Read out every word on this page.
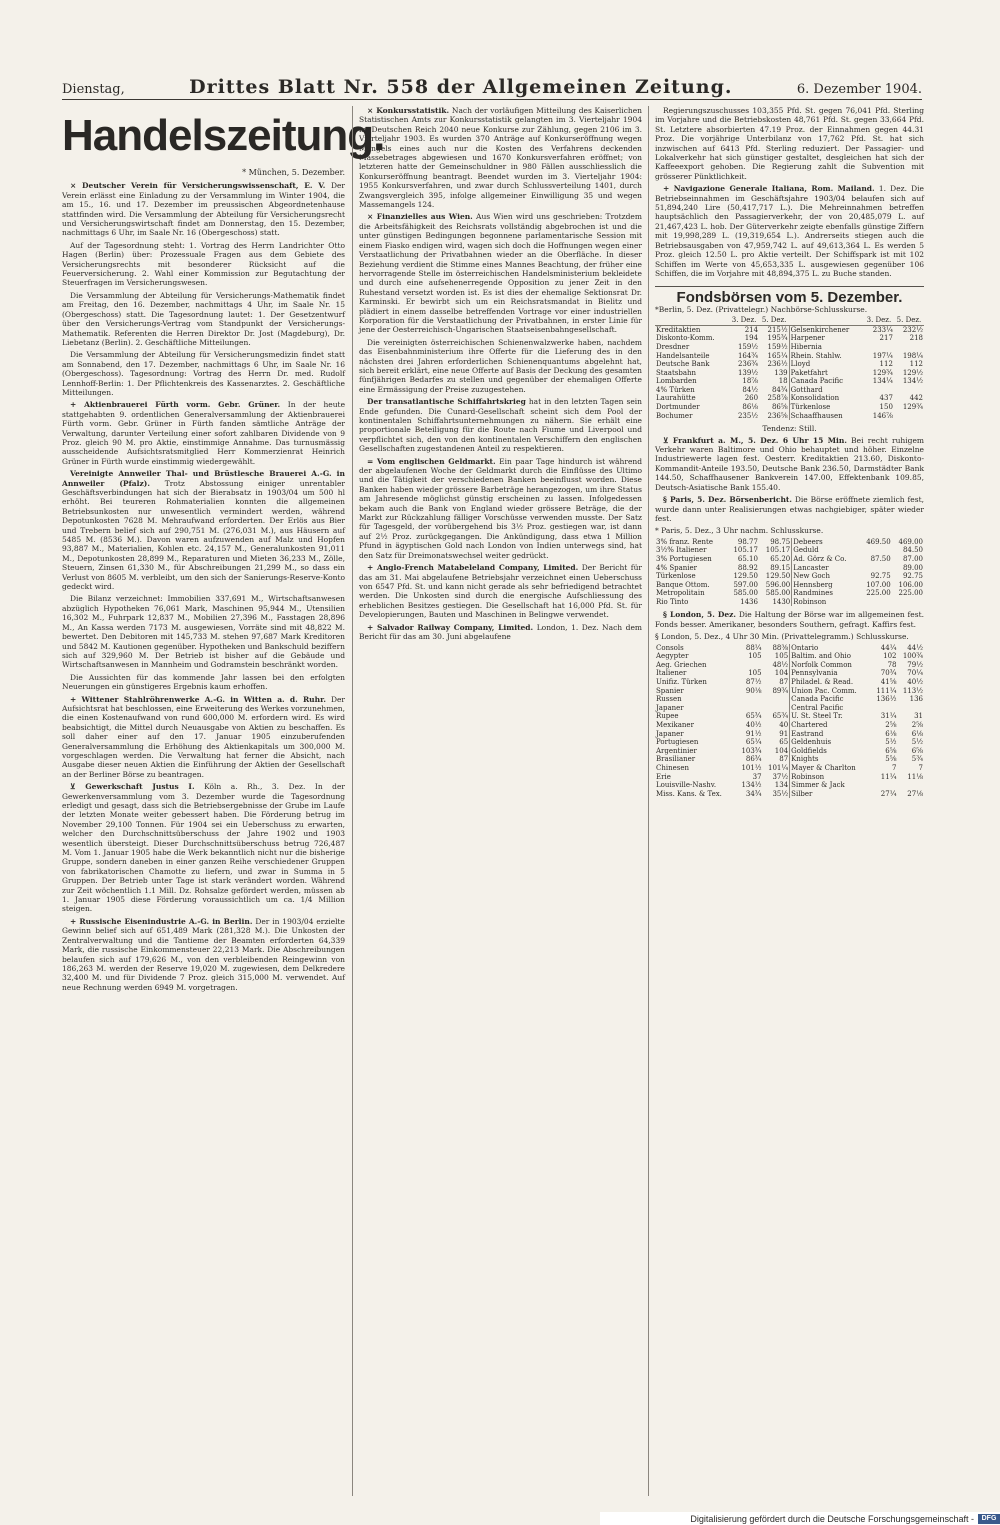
Dienstag,	Drittes Blatt Nr. 558 der Allgemeinen Zeitung.	6. Dezember 1904.
Handelszeitung.
* München, 5. Dezember.
× Deutscher Verein für Versicherungswissenschaft, E. V. Der Verein erlässt eine Einladung zu der Versammlung im Winter 1904, die am 15., 16. und 17. Dezember im preussischen Abgeordnetenhause stattfinden wird. Die Versammlung der Abteilung für Versicherungsrecht und Versicherungswirtschaft findet am Donnerstag, den 15. Dezember, nachmittags 6 Uhr, im Saale Nr. 16 (Obergeschoss) statt.
Auf der Tagesordnung steht: 1. Vortrag des Herrn Landrichter Otto Hagen (Berlin) über: Prozessuale Fragen aus dem Gebiete des Versicherungsrechts mit besonderer Rücksicht auf die Feuerversicherung. 2. Wahl einer Kommission zur Begutachtung der Steuerfragen im Versicherungswesen.
Die Versammlung der Abteilung für Versicherungs-Mathematik findet am Freitag, den 16. Dezember, nachmittags 4 Uhr, im Saale Nr. 15 (Obergeschoss) statt. Die Tagesordnung lautet: 1. Der Gesetzentwurf über den Versicherungs-Vertrag vom Standpunkt der Versicherungs-Mathematik. Referenten die Herren Direktor Dr. Jost (Magdeburg), Dr. Liebetanz (Berlin). 2. Geschäftliche Mitteilungen.
Die Versammlung der Abteilung für Versicherungsmedizin findet statt am Sonnabend, den 17. Dezember, nachmittags 6 Uhr, im Saale Nr. 16 (Obergeschoss). Tagesordnung: Vortrag des Herrn Dr. med. Rudolf Lennhoff-Berlin: 1. Der Pflichtenkreis des Kassenarztes. 2. Geschäftliche Mitteilungen.
+ Aktienbrauerei Fürth vorm. Gebr. Grüner. In der heute stattgehabten 9. ordentlichen Generalversammlung der Aktienbrauerei Fürth vorm. Gebr. Grüner in Fürth fanden sämtliche Anträge der Verwaltung, darunter Verteilung einer sofort zahlbaren Dividende von 9 Proz. gleich 90 M. pro Aktie, einstimmige Annahme. Das turnusmässig ausscheidende Aufsichtsratsmitglied Herr Kommerzienrat Heinrich Grüner in Fürth wurde einstimmig wiedergewählt.
Vereinigte Annweiler Thal- und Brüstlesche Brauerei A.-G. in Annweiler (Pfalz). Trotz Abstossung einiger unrentabler Geschäftsverbindungen hat sich der Bierabsatz in 1903/04 um 500 hl erhöht. Bei teureren Rohmaterialien konnten die allgemeinen Betriebsunkosten nur unwesentlich vermindert werden, während Depotunkosten 7628 M. Mehraufwand erforderten. Der Erlös aus Bier und Trebern belief sich auf 290,751 M. (276,031 M.), aus Häusern auf 5485 M. (8536 M.). Davon waren aufzuwenden auf Malz und Hopfen 93,887 M., Materialien, Kohlen etc. 24,157 M., Generalunkosten 91,011 M., Depotunkosten 28,899 M., Reparaturen und Mieten 36,233 M., Zölle, Steuern, Zinsen 61,330 M., für Abschreibungen 21,299 M., so dass ein Verlust von 8605 M. verbleibt, um den sich der Sanierungs-Reserve-Konto gedeckt wird.
Die Bilanz verzeichnet: Immobilien 337,691 M., Wirtschaftsanwesen abzüglich Hypotheken 76,061 Mark, Maschinen 95,944 M., Utensilien 16,302 M., Fuhrpark 12,837 M., Mobilien 27,396 M., Fasstagen 28,896 M., An Kassa werden 7173 M. ausgewiesen, Vorräte sind mit 48,822 M. bewertet. Den Debitoren mit 145,733 M. stehen 97,687 Mark Kreditoren und 5842 M. Kautionen gegenüber. Hypotheken und Bankschuld beziffern sich auf 329,960 M. Der Betrieb ist bisher auf die Gebäude und Wirtschaftsanwesen in Mannheim und Godramstein beschränkt worden.
Die Aussichten für das kommende Jahr lassen bei den erfolgten Neuerungen ein günstigeres Ergebnis kaum erhoffen.
+ Wittener Stahlröhrenwerke A.-G. in Witten a. d. Ruhr. Der Aufsichtsrat hat beschlossen, eine Erweiterung des Werkes vorzunehmen, die einen Kostenaufwand von rund 600,000 M. erfordern wird. Es wird beabsichtigt, die Mittel durch Neuausgabe von Aktien zu beschaffen. Es soll daher einer auf den 17. Januar 1905 einzuberufenden Generalversammlung die Erhöhung des Aktienkapitals um 300,000 M. vorgeschlagen werden. Die Verwaltung hat ferner die Absicht, nach Ausgabe dieser neuen Aktien die Einführung der Aktien der Gesellschaft an der Berliner Börse zu beantragen.
⊻ Gewerkschaft Justus I. Köln a. Rh., 3. Dez. In der Gewerkenversammlung vom 3. Dezember wurde die Tagesordnung erledigt und gesagt, dass sich die Betriebsergebnisse der Grube im Laufe der letzten Monate weiter gebessert haben. Die Förderung betrug im November 29,100 Tonnen. Für 1904 sei ein Ueberschuss zu erwarten, welcher den Durchschnittsüberschuss der Jahre 1902 und 1903 wesentlich übersteigt. Dieser Durchschnittsüberschuss betrug 726,487 M. Vom 1. Januar 1905 habe die Werk bekanntlich nicht nur die bisherige Gruppe, sondern daneben in einer ganzen Reihe verschiedener Gruppen von fabrikatorischen Chamotte zu liefern, und zwar in Summa in 5 Gruppen. Der Betrieb unter Tage ist stark verändert worden. Während zur Zeit wöchentlich 1.1 Mill. Dz. Rohsalze gefördert werden, müssen ab 1. Januar 1905 diese Förderung voraussichtlich um ca. 1/4 Million steigen.
+ Russische Eisenindustrie A.-G. in Berlin. Der in 1903/04 erzielte Gewinn belief sich auf 651,489 Mark (281,328 M.). Die Unkosten der Zentralverwaltung und die Tantieme der Beamten erforderten 64,339 Mark, die russische Einkommensteuer 22,213 Mark. Die Abschreibungen belaufen sich auf 179,626 M., von den verbleibenden Reingewinn von 186,263 M. werden der Reserve 19,020 M. zugewiesen, dem Delkredere 32,400 M. und für Dividende 7 Proz. gleich 315,000 M. verwendet. Auf neue Rechnung werden 6949 M. vorgetragen.
× Konkursstatistik. Nach der vorläufigen Mitteilung des Kaiserlichen Statistischen Amts zur Konkursstatistik gelangten im 3. Vierteljahr 1904 im Deutschen Reich 2040 neue Konkurse zur Zählung, gegen 2106 im 3. Vierteljahr 1903. Es wurden 370 Anträge auf Konkurseröffnung wegen Mangels eines auch nur die Kosten des Verfahrens deckenden Massebetrages abgewiesen und 1670 Konkursverfahren eröffnet; von letzteren hatte der Gemeinschuldner in 980 Fällen ausschliesslich die Konkurseröffnung beantragt. Beendet wurden im 3. Vierteljahr 1904: 1955 Konkursverfahren, und zwar durch Schlussverteilung 1401, durch Zwangsvergleich 395, infolge allgemeiner Einwilligung 35 und wegen Massemangels 124.
× Finanzielles aus Wien. Aus Wien wird uns geschrieben: Trotzdem die Arbeitsfähigkeit des Reichsrats vollständig abgebrochen ist und die unter günstigen Bedingungen begonnene parlamentarische Session mit einem Fiasko endigen wird, wagen sich doch die Hoffnungen wegen einer Verstaatlichung der Privatbahnen wieder an die Oberfläche. In dieser Beziehung verdient die Stimme eines Mannes Beachtung, der früher eine hervorragende Stelle im österreichischen Handelsministerium bekleidete und durch eine aufsehenerregende Opposition zu jener Zeit in den Ruhestand versetzt worden ist. Es ist dies der ehemalige Sektionsrat Dr. Karminski. Er bewirbt sich um ein Reichsratsmandat in Bielitz und plädiert in einem dasselbe betreffenden Vortrage vor einer industriellen Korporation für die Verstaatlichung der Privatbahnen, in erster Linie für jene der Oesterreichisch-Ungarischen Staatseisenbahngesellschaft.
Die vereinigten österreichischen Schienenwalzwerke haben, nachdem das Eisenbahnministerium ihre Offerte für die Lieferung des in den nächsten drei Jahren erforderlichen Schienenquantums abgelehnt hat, sich bereit erklärt, eine neue Offerte auf Basis der Deckung des gesamten fünfjährigen Bedarfes zu stellen und gegenüber der ehemaligen Offerte eine Ermässigung der Preise zuzugestehen.
Der transatlantische Schiffahrtskrieg hat in den letzten Tagen sein Ende gefunden. Die Cunard-Gesellschaft scheint sich dem Pool der kontinentalen Schiffahrtsunternehmungen zu nähern. Sie erhält eine proportionale Beteiligung für die Route nach Fiume und Liverpool und verpflichtet sich, den von den kontinentalen Verschiffern den englischen Gesellschaften zugestandenen Anteil zu respektieren.
= Vom englischen Geldmarkt. Ein paar Tage hindurch ist während der abgelaufenen Woche der Geldmarkt durch die Einflüsse des Ultimo und die Tätigkeit der verschiedenen Banken beeinflusst worden. Diese Banken haben wieder grössere Barbeträge herangezogen, um ihre Status am Jahresende möglichst günstig erscheinen zu lassen. Infolgedessen bekam auch die Bank von England wieder grössere Beträge, die der Markt zur Rückzahlung fälliger Vorschüsse verwenden musste. Der Satz für Tagesgeld, der vorübergehend bis 3½ Proz. gestiegen war, ist dann auf 2½ Proz. zurückgegangen. Die Ankündigung, dass etwa 1 Million Pfund in ägyptischen Gold nach London von Indien unterwegs sind, hat den Satz für Dreimonatswechsel weiter gedrückt.
+ Anglo-French Matabeleland Company, Limited. Der Bericht für das am 31. Mai abgelaufene Betriebsjahr verzeichnet einen Ueberschuss von 6547 Pfd. St. und kann nicht gerade als sehr befriedigend betrachtet werden. Die Unkosten sind durch die energische Aufschliessung des erheblichen Besitzes gestiegen. Die Gesellschaft hat 16,000 Pfd. St. für Developierungen, Bauten und Maschinen in Belingwe verwendet.
+ Salvador Railway Company, Limited. London, 1. Dez. Nach dem Bericht für das am 30. Juni abgelaufene
Regierungszuschusses 103,355 Pfd. St. gegen 76,041 Pfd. Sterling im Vorjahre und die Betriebskosten 48,761 Pfd. St. gegen 33,664 Pfd. St. Letztere absorbierten 47.19 Proz. der Einnahmen gegen 44.31 Proz. Die vorjährige Unterbilanz von 17,762 Pfd. St. hat sich inzwischen auf 6413 Pfd. Sterling reduziert. Der Passagier- und Lokalverkehr hat sich günstiger gestaltet, desgleichen hat sich der Kaffeeexport gehoben. Die Regierung zahlt die Subvention mit grösserer Pünktlichkeit.
+ Navigazione Generale Italiana, Rom. Mailand. 1. Dez. Die Betriebseinnahmen im Geschäftsjahre 1903/04 belaufen sich auf 51,894,240 Lire (50,417,717 L.). Die Mehreinnahmen betreffen hauptsächlich den Passagierverkehr, der von 20,485,079 L. auf 21,467,423 L. hob. Der Güterverkehr zeigte ebenfalls günstige Ziffern mit 19,998,289 L. (19,319,654 L.). Andrerseits stiegen auch die Betriebsausgaben von 47,959,742 L. auf 49,613,364 L. Es werden 5 Proz. gleich 12.50 L. pro Aktie verteilt. Der Schiffspark ist mit 102 Schiffen im Werte von 45,653,335 L. ausgewiesen gegenüber 106 Schiffen, die im Vorjahre mit 48,894,375 L. zu Buche standen.
Fondsbörsen vom 5. Dezember.
*Berlin, 5. Dez. (Privattelegr.) Nachbörse-Schlusskurse.
	3. Dez.	5. Dez.		3. Dez.	5. Dez.
Kreditaktien	214	215½	Gelsenkirchener	233¼	232½
Diskonto-Komm.	194	195¾	Harpener	217	218
Dresdner	159½	159½	Hibernia		
Handelsanteile	164¾	165¼	Rhein. Stahlw.	197¼	198¼
Deutsche Bank	236¾	236½	Lloyd	112	112
Staatsbahn	139½	139	Paketfahrt	129¾	129½
Lombarden	18⅞	18	Canada Pacific	134¼	134½
4% Türken	84½	84¾	Gotthard		
Laurahütte	260	258⅞	Konsolidation	437	442
Dortmunder	86⅛	86⅝	Türkenlose	150	129¾
Bochumer	235½	236⅝	Schaaffhausen	146⅞	
Tendenz: Still.
⊻ Frankfurt a. M., 5. Dez. 6 Uhr 15 Min. Bei recht ruhigem Verkehr waren Baltimore und Ohio behauptet und höher. Einzelne Industriewerte lagen fest. Oesterr. Kreditaktien 213.60, Diskonto-Kommandit-Anteile 193.50, Deutsche Bank 236.50, Darmstädter Bank 144.50, Schaffhausener Bankverein 147.00, Effektenbank 109.85, Deutsch-Asiatische Bank 155.40.
§ Paris, 5. Dez. Börsenbericht. Die Börse eröffnete ziemlich fest, wurde dann unter Realisierungen etwas nachgiebiger, später wieder fest.
* Paris, 5. Dez., 3 Uhr nachm. Schlusskurse.
3% franz. Rente	98.77	98.75	Debeers	469.50	469.00
3½% Italiener	105.17	105.17	Geduld		84.50
3% Portugiesen	65.10	65.20	Ad. Görz & Co.	87.50	87.00
4% Spanier	88.92	89.15	Lancaster		89.00
Türkenlose	129.50	129.50	New Goch	92.75	92.75
Banque Ottom.	597.00	596.00	Hennsberg	107.00	106.00
Metropolitain	585.00	585.00	Randmines	225.00	225.00
Rio Tinto	1436	1430	Robinson		
§ London, 5. Dez. Die Haltung der Börse war im allgemeinen fest. Fonds besser. Amerikaner, besonders Southern, gefragt. Kaffirs fest.
§ London, 5. Dez., 4 Uhr 30 Min. (Privattelegramm.) Schlusskurse.
Consols	88¼	88⅜	Ontario	44¼	44½
Aegypter	105	105	Baltim. and Ohio	102	100¾
Aeg. Griechen		48½	Norfolk Common	78	79½
Italiener	105	104	Pennsylvania	70¾	70¼
Unifiz. Türken	87½	87	Philadel. & Read.	41⅝	40½
Spanier	90⅛	89¾	Union Pac. Comm.	111¼	113½
Russen			Canada Pacific	136½	136
Japaner			Central Pacific		
Rupee	65¾	65¾	U. St. Steel Tr.	31¼	31
Mexikaner	40½	40	Chartered	2⅝	2⅝
Japaner	91½	91	Eastrand	6⅛	6⅛
Portugiesen	65¼	65	Geldenhuis	5½	5½
Argentinier	103¾	104	Goldfields	6⅝	6⅝
Brasilianer	86¾	87	Knights	5⅝	5¾
Chinesen	101½	101¼	Mayer & Charlton	7	7
Erie	37	37½	Robinson	11¼	11⅛
Louisville-Nashv.	134½	134	Simmer & Jack		
Miss. Kans. & Tex.	34¾	35½	Silber	27¼	27⅛
Digitalisierung gefördert durch die Deutsche Forschungsgemeinschaft -	DFG
